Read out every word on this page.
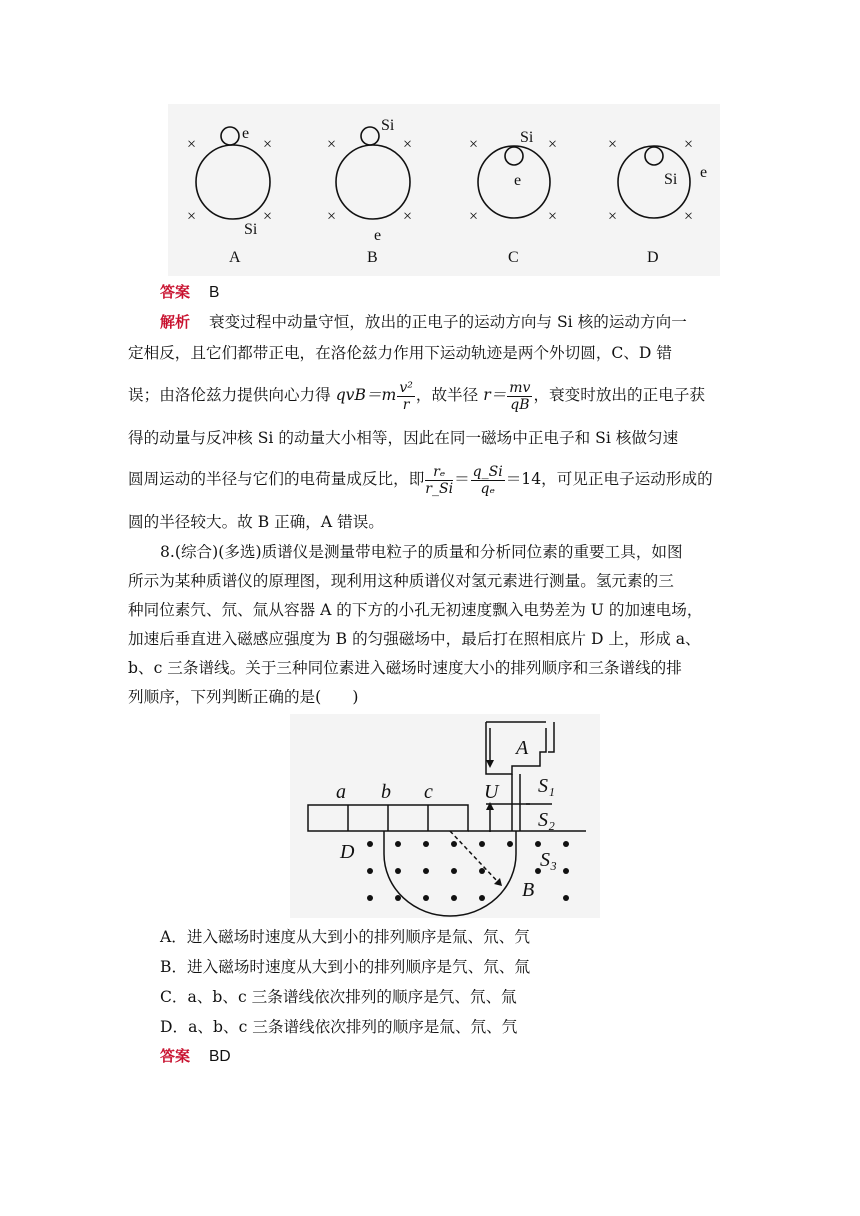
×	×
×	×
×	×
×	×
×	×
×	×
×	×
×	×
e
Si
A
Si
e
B
Si
e
C
Si e
D
答案 B
解析 衰变过程中动量守恒，放出的正电子的运动方向与 Si 核的运动方向一
定相反，且它们都带正电，在洛伦兹力作用下运动轨迹是两个外切圆，C、D 错
误；由洛伦兹力提供向心力得 $qvB=m \frac{\text{v²}}{r}$ ，故半径 $r= \frac{mv}{qB}$ ，衰变时放出的正电子获
得的动量与反冲核 Si 的动量大小相等，因此在同一磁场中正电子和 Si 核做匀速
圆周运动的半径与它们的电荷量成反比，即 $\frac{\text{rₑ}}{r\_Si} = \frac{q\_Si}{\text{qₑ}} =14$，可见正电子运动形成的
圆的半径较大。故 B 正确，A 错误。
8.(综合)(多选)质谱仪是测量带电粒子的质量和分析同位素的重要工具，如图
所示为某种质谱仪的原理图，现利用这种质谱仪对氢元素进行测量。氢元素的三
种同位素氕、氘、氚从容器 A 的下方的小孔无初速度飘入电势差为 U 的加速电场，
加速后垂直进入磁感应强度为 B 的匀强磁场中，最后打在照相底片 D 上，形成 a、
b、c 三条谱线。关于三种同位素进入磁场时速度大小的排列顺序和三条谱线的排
列顺序，下列判断正确的是(　　)
a b c
A
U
D
B
S₁
S₂
S₃
A．进入磁场时速度从大到小的排列顺序是氚、氘、氕
B．进入磁场时速度从大到小的排列顺序是氕、氘、氚
C．a、b、c 三条谱线依次排列的顺序是氕、氘、氚
D．a、b、c 三条谱线依次排列的顺序是氚、氘、氕
答案 BD
